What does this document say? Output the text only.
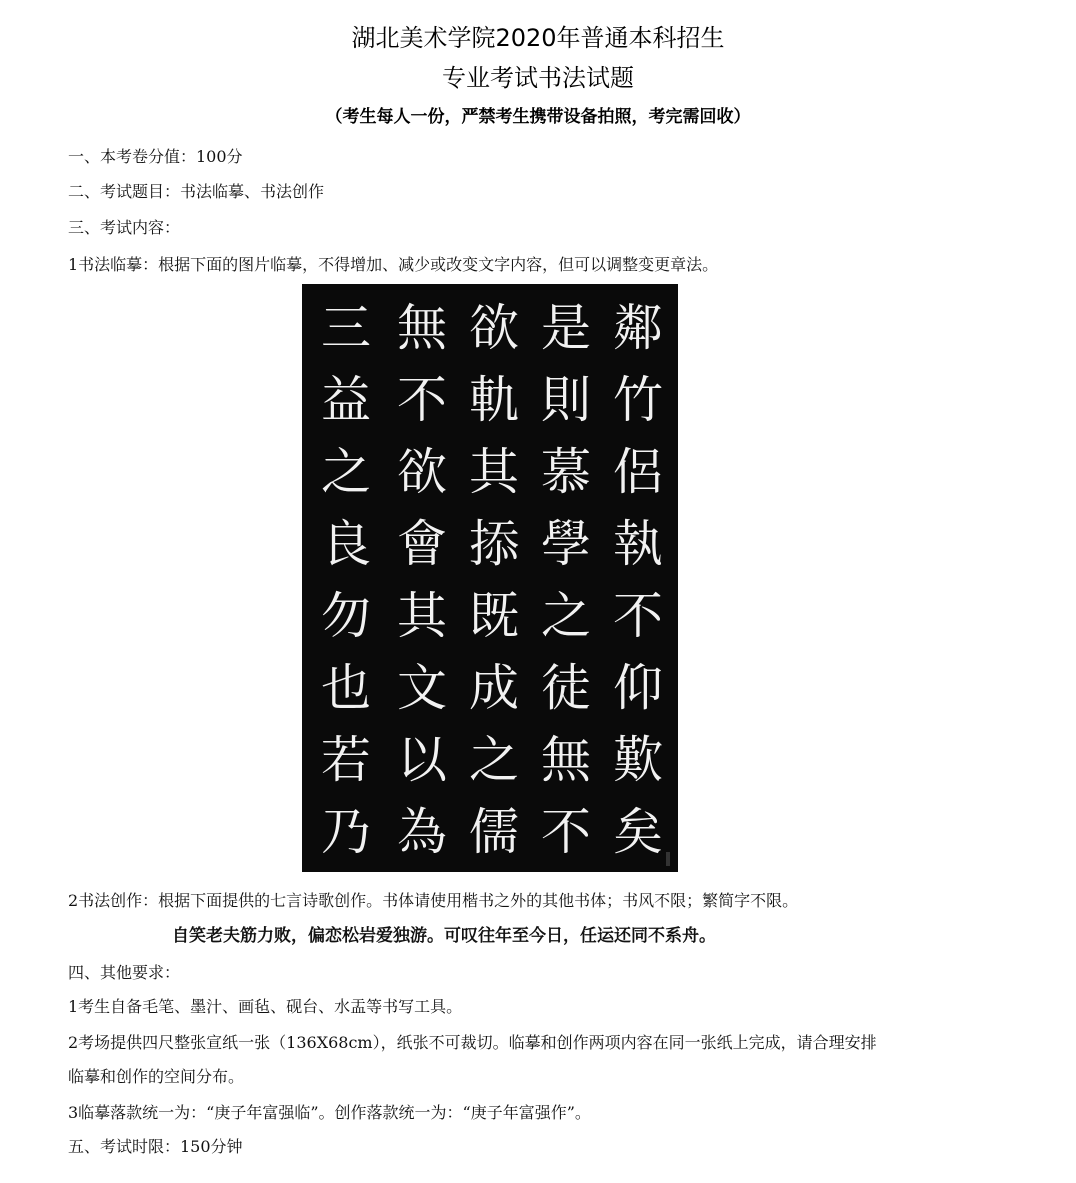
湖北美术学院2020年普通本科招生
专业考试书法试题
（考生每人一份，严禁考生携带设备拍照，考完需回收）
一、本考卷分值：100分
二、考试题目：书法临摹、书法创作
三、考试内容：
1书法临摹：根据下面的图片临摹，不得增加、减少或改变文字内容，但可以调整变更章法。
鄰
竹
侶
執
不
仰
歎
矣
是
則
慕
學
之
徒
無
不
欲
軌
其
掭
既
成
之
儒
無
不
欲
會
其
文
以
為
三
益
之
良
勿
也
若
乃
2书法创作：根据下面提供的七言诗歌创作。书体请使用楷书之外的其他书体；书风不限；繁简字不限。
自笑老夫筋力败，偏恋松岩爱独游。可叹往年至今日，任运还同不系舟。
四、其他要求：
1考生自备毛笔、墨汁、画毡、砚台、水盂等书写工具。
2考场提供四尺整张宣纸一张（136X68cm），纸张不可裁切。临摹和创作两项内容在同一张纸上完成，请合理安排
临摹和创作的空间分布。
3临摹落款统一为：“庚子年富强临”。创作落款统一为：“庚子年富强作”。
五、考试时限：150分钟
